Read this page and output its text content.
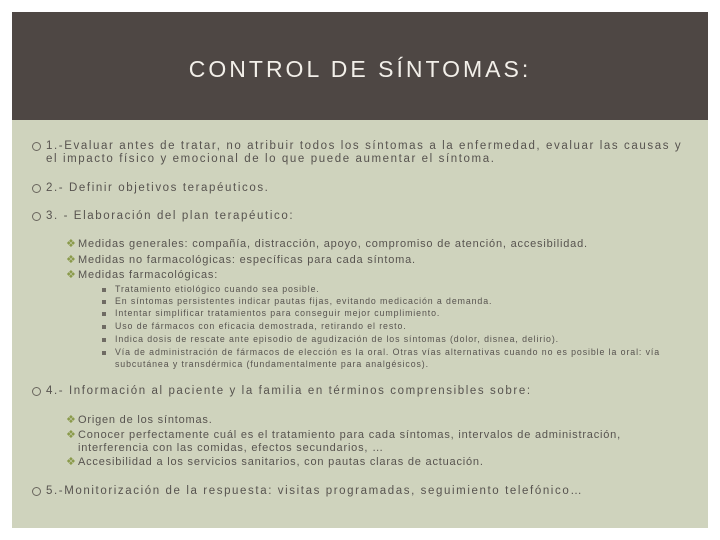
CONTROL DE SÍNTOMAS:
1.-Evaluar antes de tratar, no atribuir todos los síntomas a la enfermedad, evaluar las causas y el impacto físico y emocional de lo que puede aumentar el síntoma.
2.- Definir objetivos terapéuticos.
3. - Elaboración del plan terapéutico:
❖ Medidas generales: compañía, distracción, apoyo, compromiso de atención, accesibilidad.
❖ Medidas no farmacológicas: específicas para cada síntoma.
❖ Medidas farmacológicas:
Tratamiento etiológico cuando sea posible.
En síntomas persistentes indicar pautas fijas, evitando medicación a demanda.
Intentar simplificar tratamientos para conseguir mejor cumplimiento.
Uso de fármacos con eficacia demostrada, retirando el resto.
Indica dosis de rescate ante episodio de agudización de los síntomas (dolor, disnea, delirio).
Vía de administración de fármacos de elección es la oral. Otras vías alternativas cuando no es posible la oral: vía subcutánea y transdérmica (fundamentalmente para analgésicos).
4.- Información al paciente y la familia en términos comprensibles sobre:
❖ Origen de los síntomas.
❖ Conocer perfectamente cuál es el tratamiento para cada síntomas, intervalos de administración, interferencia con las comidas, efectos secundarios, …
❖ Accesibilidad a los servicios sanitarios, con pautas claras de actuación.
5.-Monitorización de la respuesta: visitas programadas, seguimiento telefónico…
